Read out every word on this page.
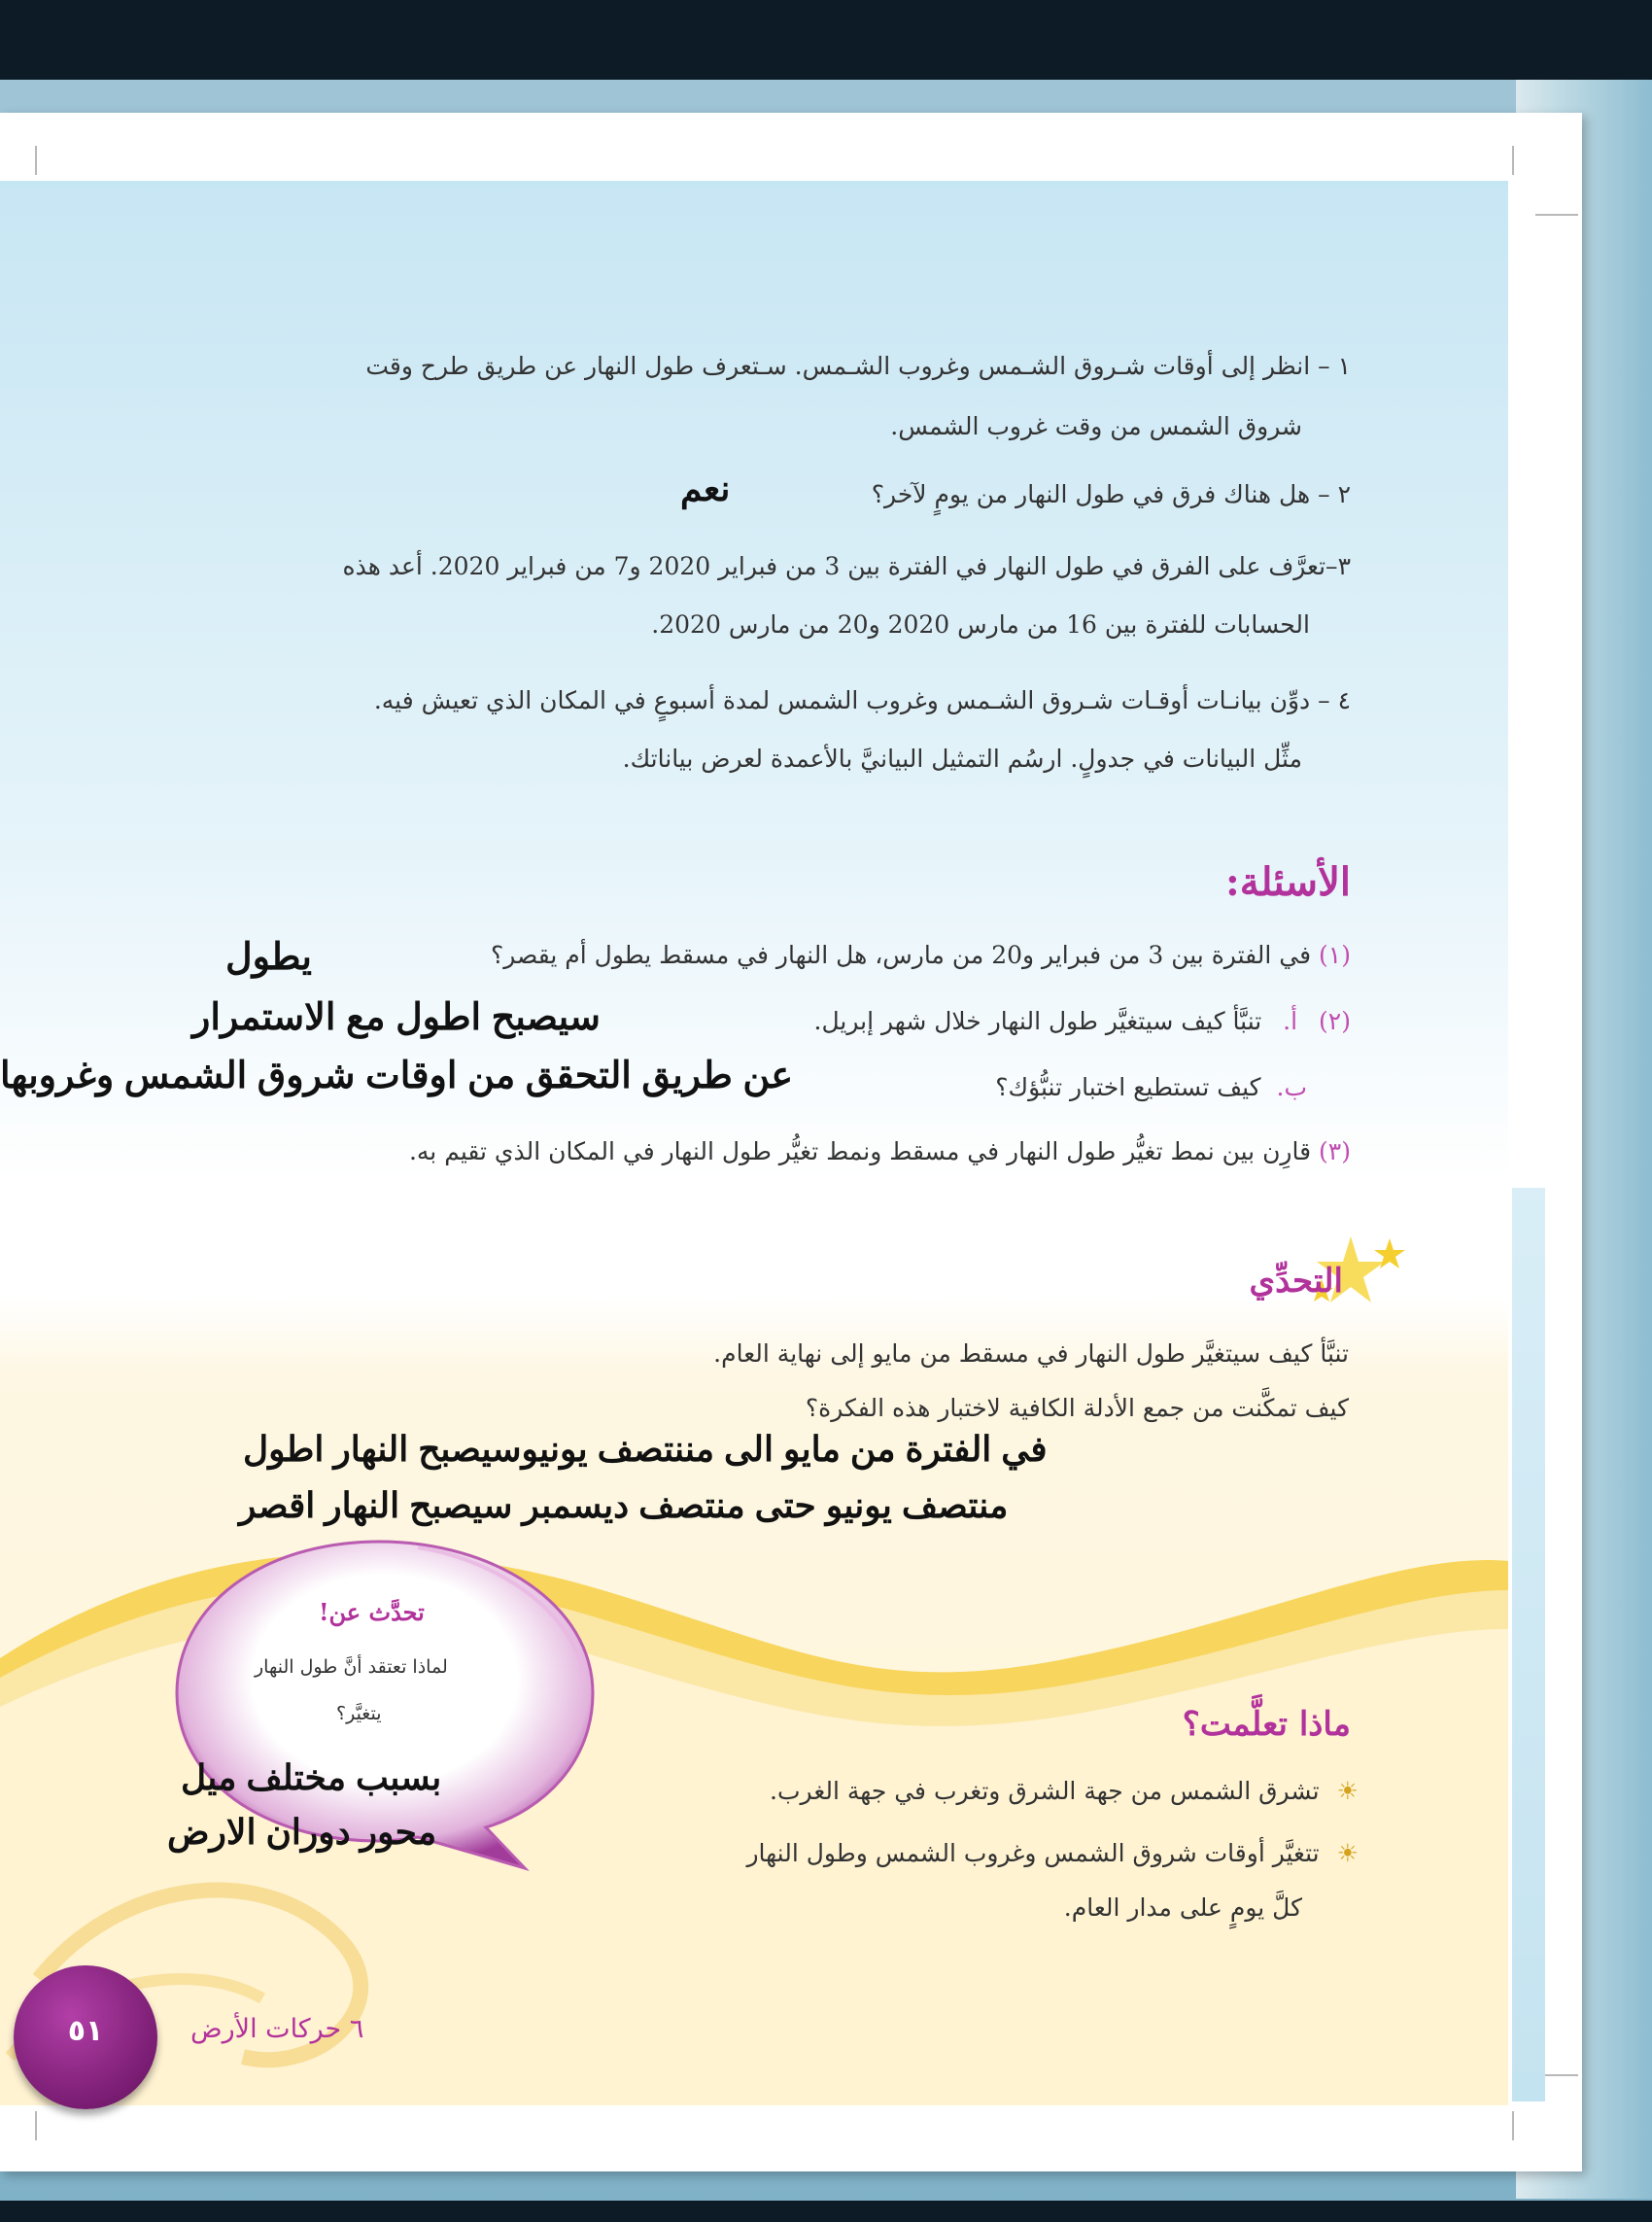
١ – انظر إلى أوقات شـروق الشـمس وغروب الشـمس. سـتعرف طول النهار عن طريق طرح وقت
شروق الشمس من وقت غروب الشمس.
٢ – هل هناك فرق في طول النهار من يومٍ لآخر؟
نعم
٣–تعرَّف على الفرق في طول النهار في الفترة بين 3 من فبراير 2020 و7 من فبراير 2020. أعد هذه
الحسابات للفترة بين 16 من مارس 2020 و20 من مارس 2020.
٤ – دوِّن بيانـات أوقـات شـروق الشـمس وغروب الشمس لمدة أسبوعٍ في المكان الذي تعيش فيه.
مثِّل البيانات في جدولٍ. ارسُم التمثيل البيانيَّ بالأعمدة لعرض بياناتك.
الأسئلة:
(١) في الفترة بين 3 من فبراير و20 من مارس، هل النهار في مسقط يطول أم يقصر؟
يطول
(٢) أ. تنبَّأ كيف سيتغيَّر طول النهار خلال شهر إبريل.
سيصبح اطول مع الاستمرار
ب. كيف تستطيع اختبار تنبُّؤك؟
عن طريق التحقق من اوقات شروق الشمس وغروبها
(٣) قارِن بين نمط تغيُّر طول النهار في مسقط ونمط تغيُّر طول النهار في المكان الذي تقيم به.
التحدِّي
تنبَّأ كيف سيتغيَّر طول النهار في مسقط من مايو إلى نهاية العام.
كيف تمكَّنت من جمع الأدلة الكافية لاختبار هذه الفكرة؟
في الفترة من مايو الى مننتصف يونيوسيصبح النهار اطول
منتصف يونيو حتى منتصف ديسمبر سيصبح النهار اقصر
تحدَّث عن!
لماذا تعتقد أنَّ طول النهار
يتغيَّر؟
بسبب مختلف ميل
محور دوران الارض
ماذا تعلَّمت؟
☀ تشرق الشمس من جهة الشرق وتغرب في جهة الغرب.
☀ تتغيَّر أوقات شروق الشمس وغروب الشمس وطول النهار
كلَّ يومٍ على مدار العام.
٥١	٦ حركات الأرض
